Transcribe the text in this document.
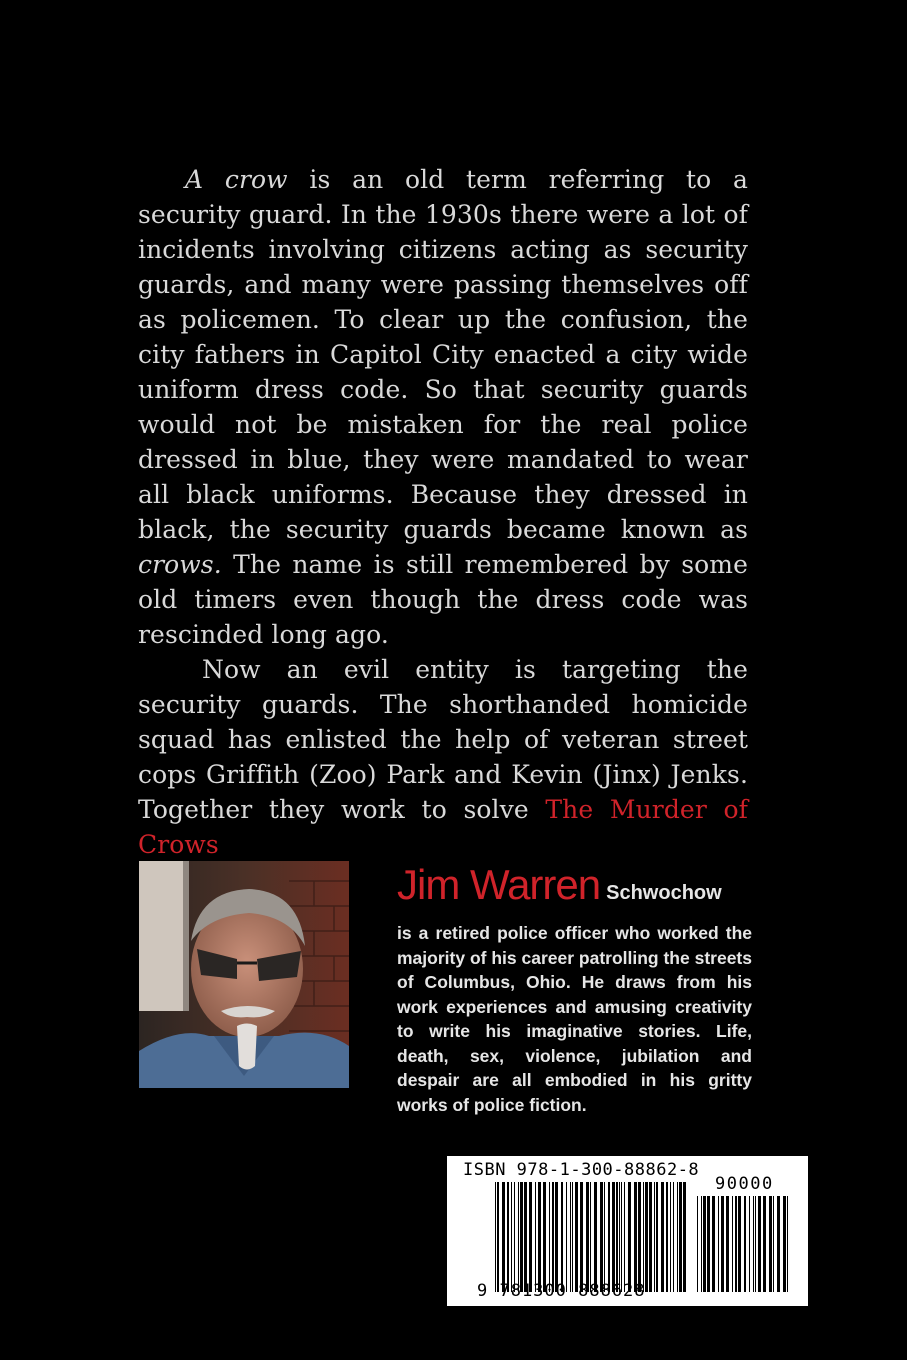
A crow is an old term referring to a security guard. In the 1930s there were a lot of incidents involving citizens acting as security guards, and many were passing themselves off as policemen. To clear up the confusion, the city fathers in Capitol City enacted a city wide uniform dress code. So that security guards would not be mistaken for the real police dressed in blue, they were mandated to wear all black uniforms. Because they dressed in black, the security guards became known as crows. The name is still remembered by some old timers even though the dress code was rescinded long ago.

Now an evil entity is targeting the security guards. The shorthanded homicide squad has enlisted the help of veteran street cops Griffith (Zoo) Park and Kevin (Jinx) Jenks. Together they work to solve The Murder of Crows

Jim Warren Schwochow
is a retired police officer who worked the majority of his career patrolling the streets of Columbus, Ohio. He draws from his work experiences and amusing creativity to write his imaginative stories. Life, death, sex, violence, jubilation and despair are all embodied in his gritty works of police fiction.
ISBN 978-1-300-88862-8
90000
9 781300 888628
